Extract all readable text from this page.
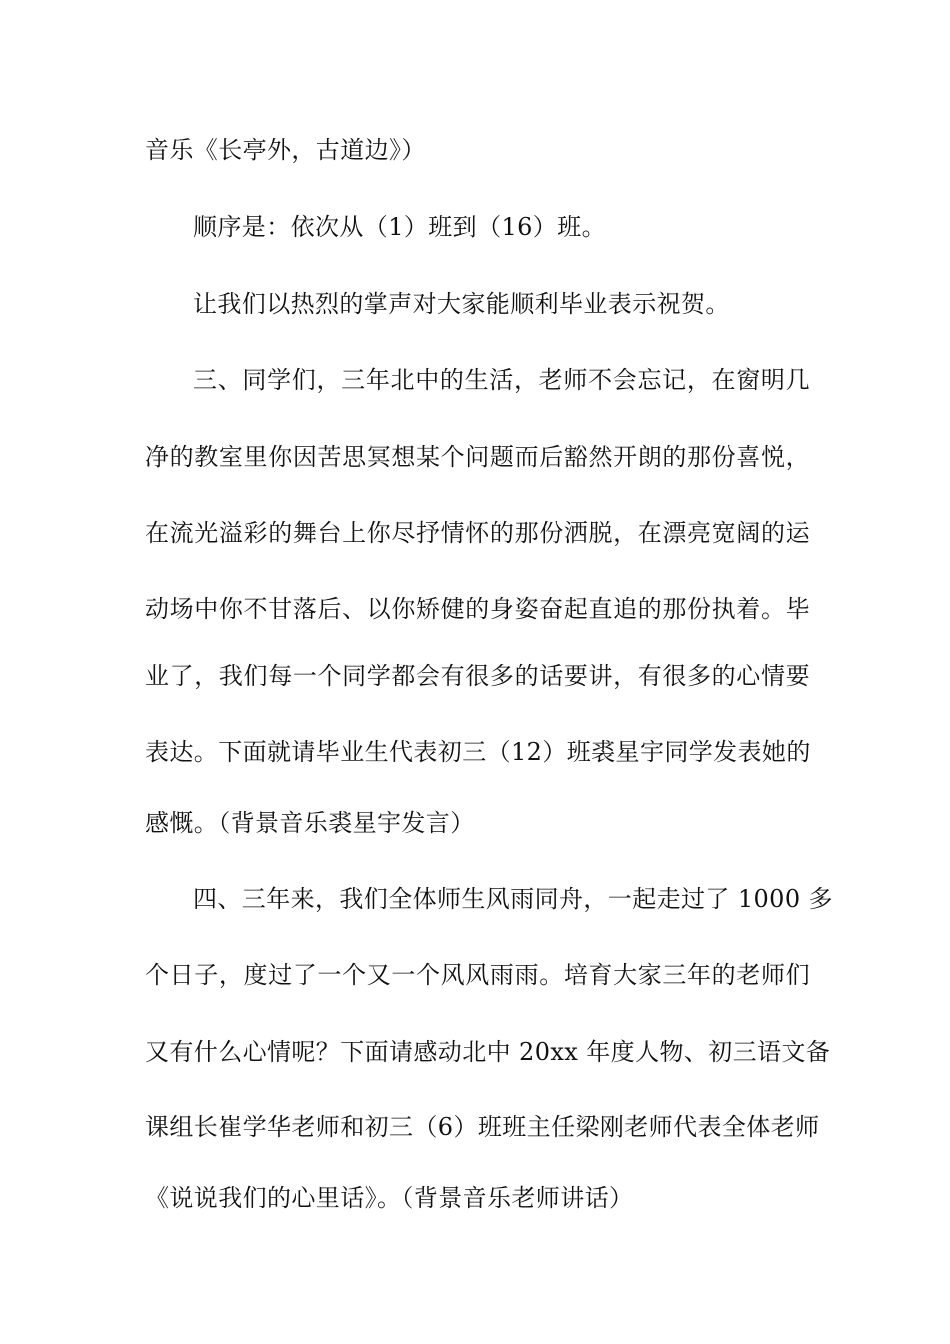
音乐《长亭外，古道边》）
顺序是：依次从（1）班到（16）班。
让我们以热烈的掌声对大家能顺利毕业表示祝贺。
三、同学们，三年北中的生活，老师不会忘记，在窗明几
净的教室里你因苦思冥想某个问题而后豁然开朗的那份喜悦，
在流光溢彩的舞台上你尽抒情怀的那份洒脱，在漂亮宽阔的运
动场中你不甘落后、以你矫健的身姿奋起直追的那份执着。毕
业了，我们每一个同学都会有很多的话要讲，有很多的心情要
表达。下面就请毕业生代表初三（12）班裘星宇同学发表她的
感慨。（背景音乐裘星宇发言）
四、三年来，我们全体师生风雨同舟，一起走过了 1000 多
个日子，度过了一个又一个风风雨雨。培育大家三年的老师们
又有什么心情呢？下面请感动北中 20xx 年度人物、初三语文备
课组长崔学华老师和初三（6）班班主任梁刚老师代表全体老师
《说说我们的心里话》。（背景音乐老师讲话）
